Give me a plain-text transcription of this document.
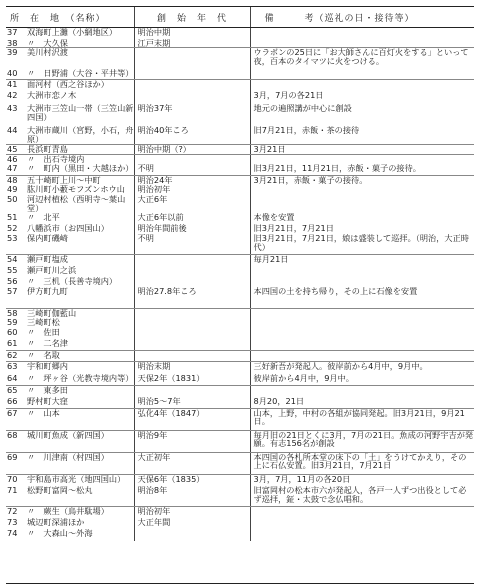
所　在　地　（名称）		創　始　年　代	備　　　考（巡礼の日・接待等）
37	双海町上灘（小網地区）	明治中期	
38	〃　大久保	江戸末期	
39	美川村沢渡		ウラボンの25日に「お大師さんに百灯火をする」といって夜，百本のタイマツに火をつける。
40	〃　日野浦（大谷・平井等）		
41	面河村（西之谷ほか）		
42	大洲市恋ノ木		3月，7月の各21日
43	大洲市三笠山一帯（三笠山新四国）	明治37年	地元の遍照講が中心に創設
44	大洲市蔵川（宮野，小石，舟原）	明治40年ころ	旧7月21日，赤飯・茶の接待
45	長浜町青島	明治中期（?）	3月21日
46	〃　出石寺境内		
47	〃　町内（黒田・大越ほか）	不明	旧3月21日，11月21日，赤飯・菓子の接待。
48	五十崎町上川～中町	明治24年	3月21日，赤飯・菓子の接待。
49	肱川町小藪モフズンホウ山	明治初年	
50	河辺村植松（西明寺～葉山堂）	大正6年	
51	〃　北平	大正6年以前	本像を安置
52	八幡浜市（お四国山）	明治年間前後	旧3月21日，7月21日
53	保内町磯崎	不明	旧3月21日，7月21日，娘は盛装して巡拝。（明治，大正時代）
54	瀬戸町塩成		毎月21日
55	瀬戸町川之浜		
56	〃　三机（長善寺境内）		
57	伊方町九町	明治27.8年ころ	本四国の土を持ち帰り，その上に石像を安置
58	三崎町伽藍山		
59	三崎町松		
60	〃　佐田		
61	〃　二名津		
62	〃　名取		
63	宇和町郷内	明治末期	三好新吾が発起人。彼岸前から4月中，9月中。
64	〃　坪ヶ谷（光教寺境内等）	天保2年（1831）	彼岸前から4月中，9月中。
65	〃　東多田		
66	野村町大窪	明治5～7年	8月20，21日
67	〃　山本	弘化4年（1847）	山本，上野，中村の各組が協同発起。旧3月21日，9月21日。
68	城川町魚成（新四国）	明治9年	毎月旧の21日とくに3月，7月の21日。魚成の河野宇吉が発願。有志156名が創設
69	〃　川津南（村四国）	大正初年	本四国の各札所本堂の床下の「土」をうけてかえり，その上に石仏安置。旧3月21日，7月21日
70	宇和島市高光（地四国山）	天保6年（1835）	3月，7月，11月の各20日
71	松野町富岡～松丸	明治8年	旧富岡村の松本市六が発起人，各戸一人ずつ出役として必ず巡拝，鉦・太鼓で念仏唱和。
72	〃　蕨生（鳥井駄場）	明治初年	
73	城辺町深浦ほか	大正年間	
74	〃　大森山～外海		
